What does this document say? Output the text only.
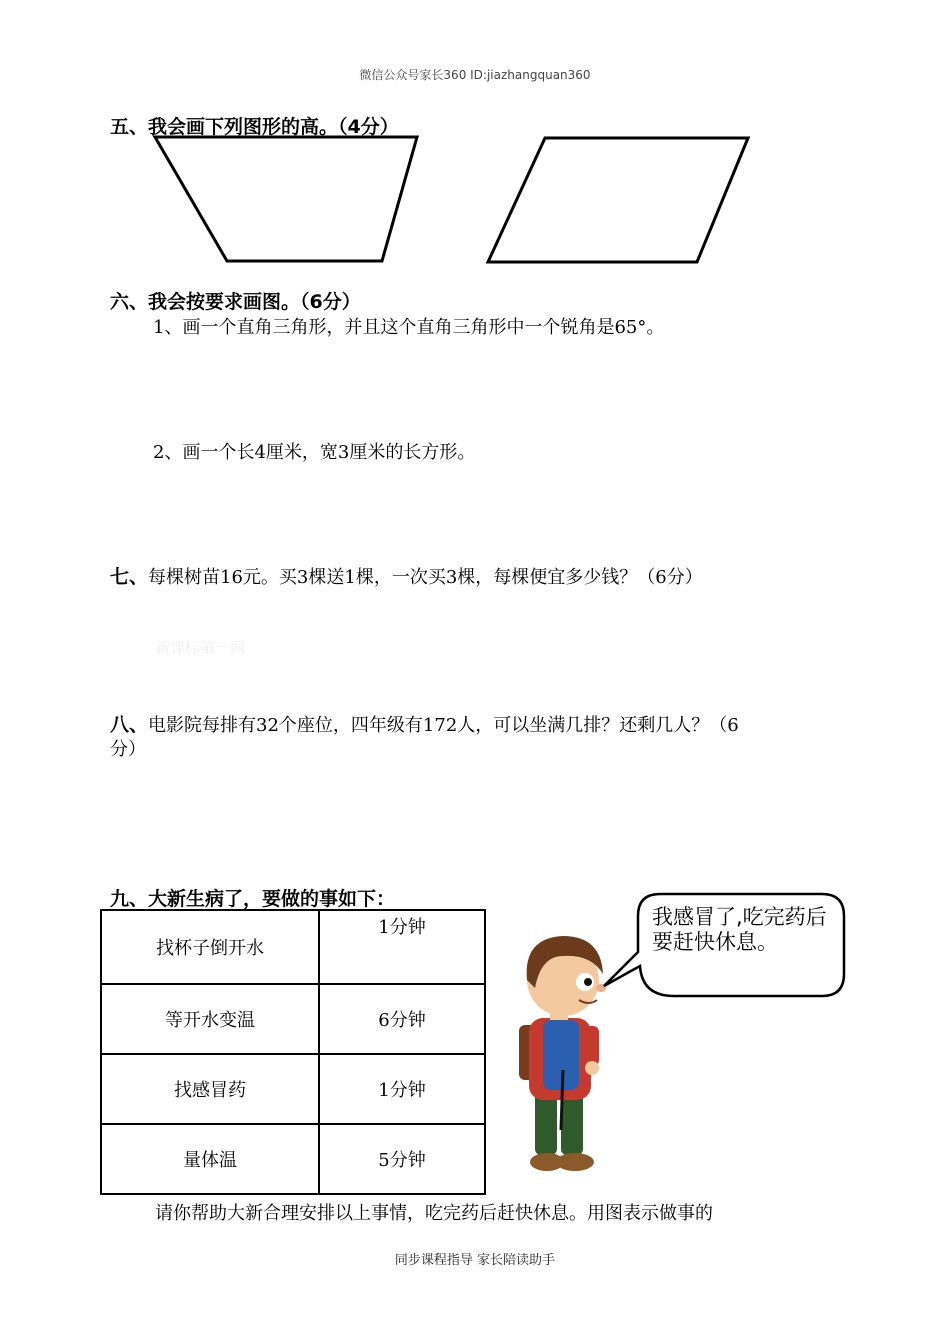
微信公众号家长360 ID:jiazhangquan360
五、我会画下列图形的高。（4分）
六、我会按要求画图。（6分）
1、画一个直角三角形，并且这个直角三角形中一个锐角是65°。
2、画一个长4厘米，宽3厘米的长方形。
七、每棵树苗16元。买3棵送1棵，一次买3棵，每棵便宜多少钱？（6分）
新课标第一网
八、电影院每排有32个座位，四年级有172人，可以坐满几排？还剩几人？（6
分）
九、大新生病了，要做的事如下：
找杯子倒开水	1分钟
等开水变温	6分钟
找感冒药	1分钟
量体温	5分钟
我感冒了,吃完药后要赶快休息。
请你帮助大新合理安排以上事情，吃完药后赶快休息。用图表示做事的
同步课程指导 家长陪读助手
